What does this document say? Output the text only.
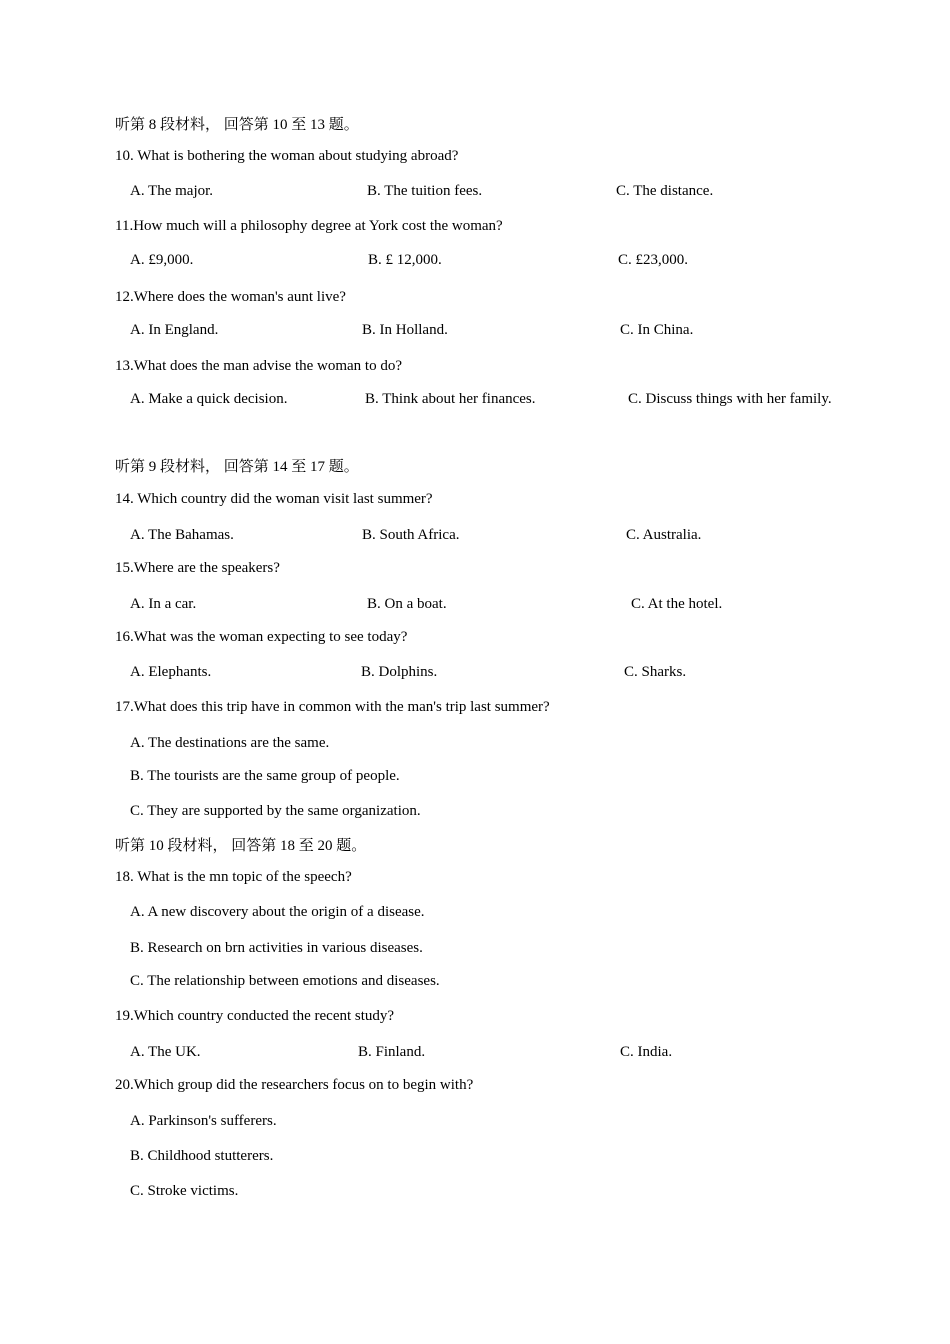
听第 8 段材料， 回答第 10 至 13 题。
10. What is bothering the woman about studying abroad?
A. The major.	B. The tuition fees.	C. The distance.
11.How much will a philosophy degree at York cost the woman?
A. £9,000.	B. £ 12,000.	C. £23,000.
12.Where does the woman's aunt live?
A. In England.	B. In Holland.	C. In China.
13.What does the man advise the woman to do?
A. Make a quick decision.	B. Think about her finances.	C. Discuss things with her family.
听第 9 段材料， 回答第 14 至 17 题。
14. Which country did the woman visit last summer?
A. The Bahamas.	B. South Africa.	C. Australia.
15.Where are the speakers?
A. In a car.	B. On a boat.	C. At the hotel.
16.What was the woman expecting to see today?
A. Elephants.	B. Dolphins.	C. Sharks.
17.What does this trip have in common with the man's trip last summer?
A. The destinations are the same.
B. The tourists are the same group of people.
C. They are supported by the same organization.
听第 10 段材料， 回答第 18 至 20 题。
18. What is the mn topic of the speech?
A. A new discovery about the origin of a disease.
B. Research on brn activities in various diseases.
C. The relationship between emotions and diseases.
19.Which country conducted the recent study?
A. The UK.	B. Finland.	C. India.
20.Which group did the researchers focus on to begin with?
A. Parkinson's sufferers.
B. Childhood stutterers.
C. Stroke victims.
